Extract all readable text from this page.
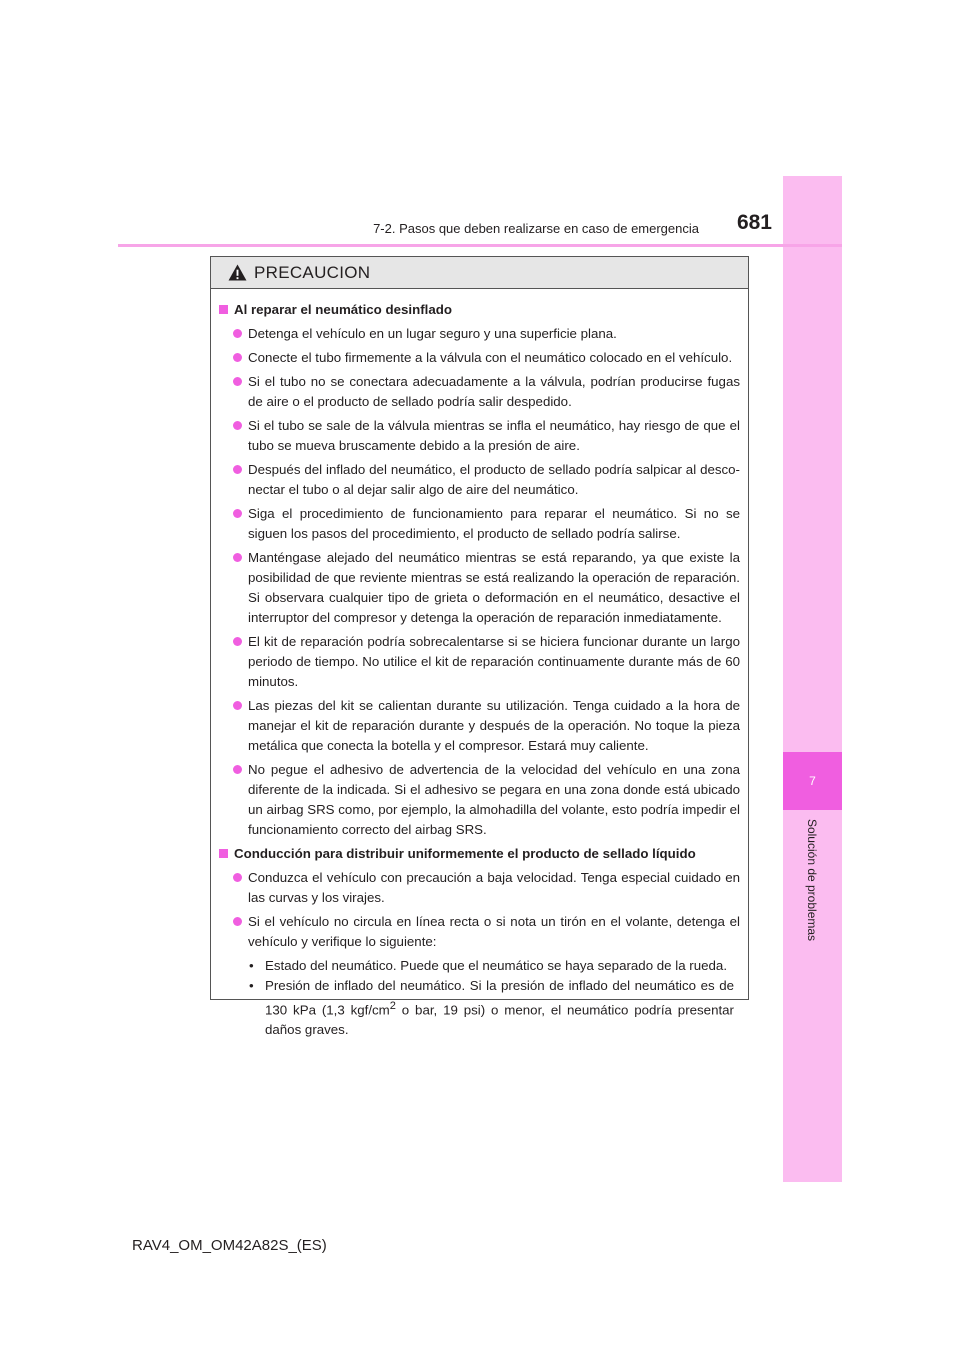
7
Solución de problemas
7-2. Pasos que deben realizarse en caso de emergencia 681
PRECAUCION
Al reparar el neumático desinflado
Detenga el vehículo en un lugar seguro y una superficie plana.
Conecte el tubo firmemente a la válvula con el neumático colocado en el vehículo.
Si el tubo no se conectara adecuadamente a la válvula, podrían producirse fugas de aire o el producto de sellado podría salir despedido.
Si el tubo se sale de la válvula mientras se infla el neumático, hay riesgo de que el tubo se mueva bruscamente debido a la presión de aire.
Después del inflado del neumático, el producto de sellado podría salpicar al desco-nectar el tubo o al dejar salir algo de aire del neumático.
Siga el procedimiento de funcionamiento para reparar el neumático. Si no se siguen los pasos del procedimiento, el producto de sellado podría salirse.
Manténgase alejado del neumático mientras se está reparando, ya que existe la posibilidad de que reviente mientras se está realizando la operación de reparación. Si observara cualquier tipo de grieta o deformación en el neumático, desactive el interruptor del compresor y detenga la operación de reparación inmediatamente.
El kit de reparación podría sobrecalentarse si se hiciera funcionar durante un largo periodo de tiempo. No utilice el kit de reparación continuamente durante más de 60 minutos.
Las piezas del kit se calientan durante su utilización. Tenga cuidado a la hora de manejar el kit de reparación durante y después de la operación. No toque la pieza metálica que conecta la botella y el compresor. Estará muy caliente.
No pegue el adhesivo de advertencia de la velocidad del vehículo en una zona diferente de la indicada. Si el adhesivo se pegara en una zona donde está ubicado un airbag SRS como, por ejemplo, la almohadilla del volante, esto podría impedir el funcionamiento correcto del airbag SRS.
Conducción para distribuir uniformemente el producto de sellado líquido
Conduzca el vehículo con precaución a baja velocidad. Tenga especial cuidado en las curvas y los virajes.
Si el vehículo no circula en línea recta o si nota un tirón en el volante, detenga el vehículo y verifique lo siguiente:
• Estado del neumático. Puede que el neumático se haya separado de la rueda.
• Presión de inflado del neumático. Si la presión de inflado del neumático es de 130 kPa (1,3 kgf/$cm^2$ o bar, 19 psi) o menor, el neumático podría presentar daños graves.
RAV4_OM_OM42A82S_(ES)
